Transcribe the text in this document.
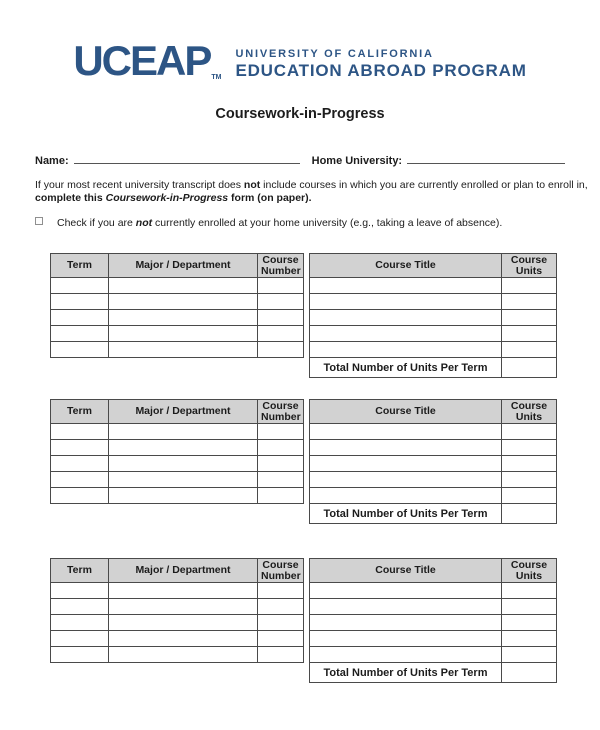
UCEAP TM
UNIVERSITY OF CALIFORNIA
EDUCATION ABROAD PROGRAM
Coursework-in-Progress
Name:	Home University:
If your most recent university transcript does not include courses in which you are currently enrolled or plan to enroll in,
complete this Coursework-in-Progress form (on paper).
Check if you are not currently enrolled at your home university (e.g., taking a leave of absence).
Term	Major / Department	Course Number

			Course Title	Course Units

Total Number of Units Per Term	
Term	Major / Department	Course Number

			Course Title	Course Units

Total Number of Units Per Term	
Term	Major / Department	Course Number

			Course Title	Course Units

Total Number of Units Per Term	
